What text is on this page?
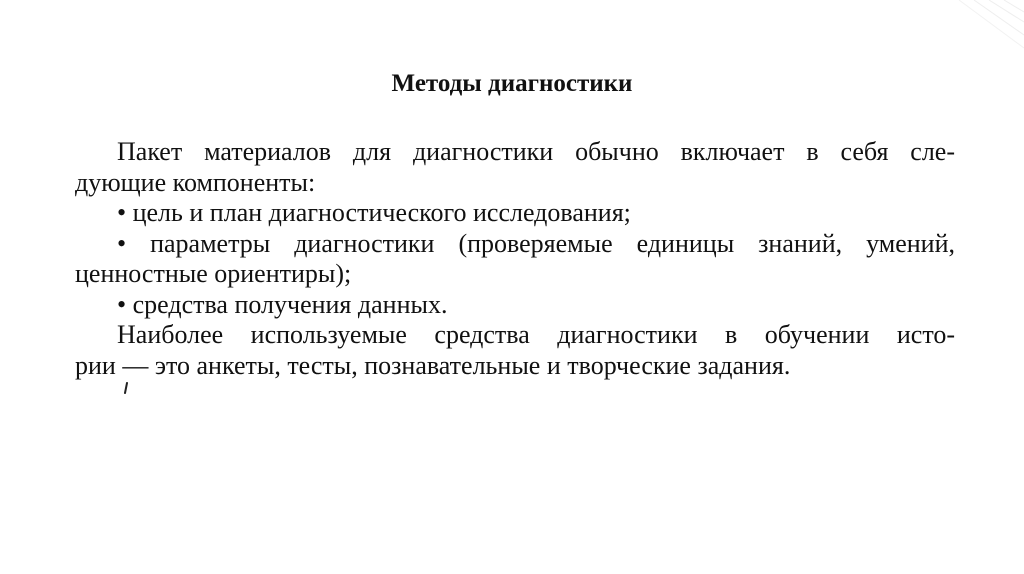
Методы диагностики
Пакет материалов для диагностики обычно включает в себя сле-
дующие компоненты:
• цель и план диагностического исследования;
• параметры диагностики (проверяемые единицы знаний, умений,
ценностные ориентиры);
• средства получения данных.
Наиболее используемые средства диагностики в обучении исто-
рии — это анкеты, тесты, познавательные и творческие задания.
